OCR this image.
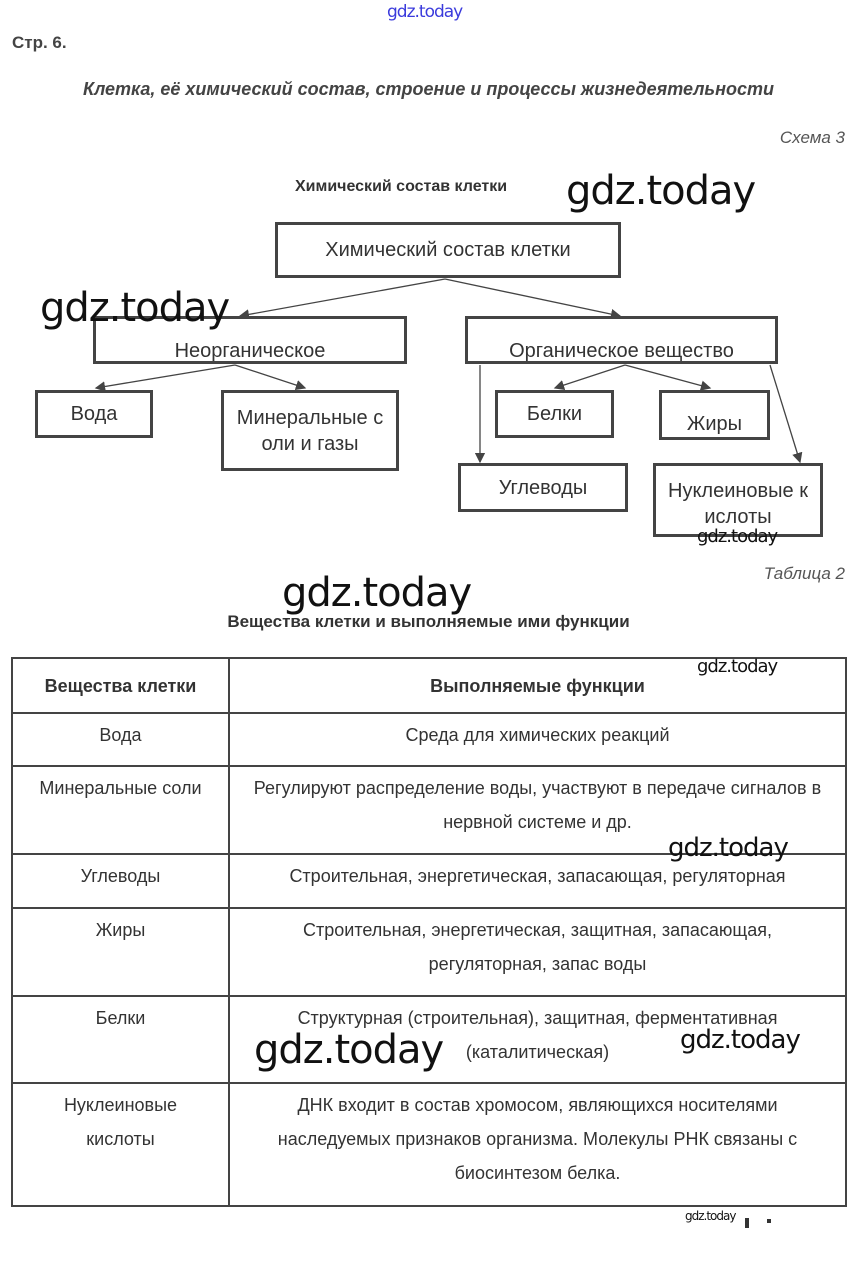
gdz.today
Стр. 6.
Клетка, её химический состав, строение и процессы жизнедеятельности
Схема 3
Химический состав клетки gdz.today
Химический состав клетки
Неорганическое	Органическое вещество
Вода	Минеральные соли и газы
Белки	Жиры
Углеводы	Нуклеиновые кислоты
gdz.today
gdz.today
Таблица 2
gdz.today
Вещества клетки и выполняемые ими функции
Вещества клетки	Выполняемые функции
Вода	Среда для химических реакций
Минеральные соли	Регулируют распределение воды, участвуют в передаче сигналов в нервной системе и др.
Углеводы	Строительная, энергетическая, запасающая, регуляторная
Жиры	Строительная, энергетическая, защитная, запасающая, регуляторная, запас воды
Белки	Структурная (строительная), защитная, ферментативная (каталитическая)
Нуклеиновые кислоты	ДНК входит в состав хромосом, являющихся носителями наследуемых признаков организма. Молекулы РНК связаны с биосинтезом белка.
gdz.today
gdz.today
gdz.today	gdz.today
gdz.today
